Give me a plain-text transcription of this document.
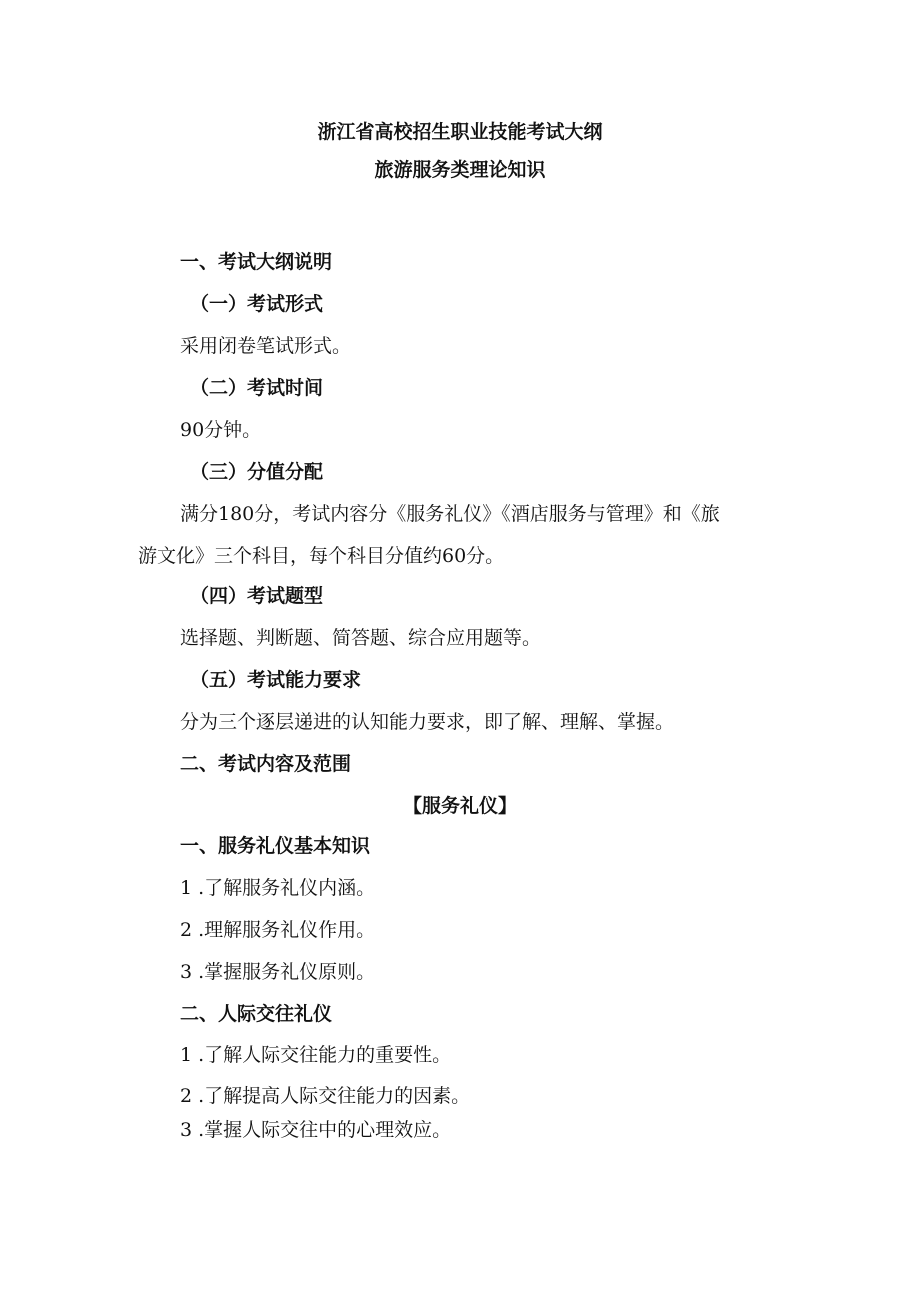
浙江省高校招生职业技能考试大纲
旅游服务类理论知识
一、考试大纲说明
（一）考试形式
采用闭卷笔试形式。
（二）考试时间
90分钟。
（三）分值分配
满分180分，考试内容分《服务礼仪》《酒店服务与管理》和《旅
游文化》三个科目，每个科目分值约60分。
（四）考试题型
选择题、判断题、简答题、综合应用题等。
（五）考试能力要求
分为三个逐层递进的认知能力要求，即了解、理解、掌握。
二、考试内容及范围
【服务礼仪】
一、服务礼仪基本知识
1 .了解服务礼仪内涵。
2 .理解服务礼仪作用。
3 .掌握服务礼仪原则。
二、人际交往礼仪
1 .了解人际交往能力的重要性。
2 .了解提高人际交往能力的因素。
3 .掌握人际交往中的心理效应。
